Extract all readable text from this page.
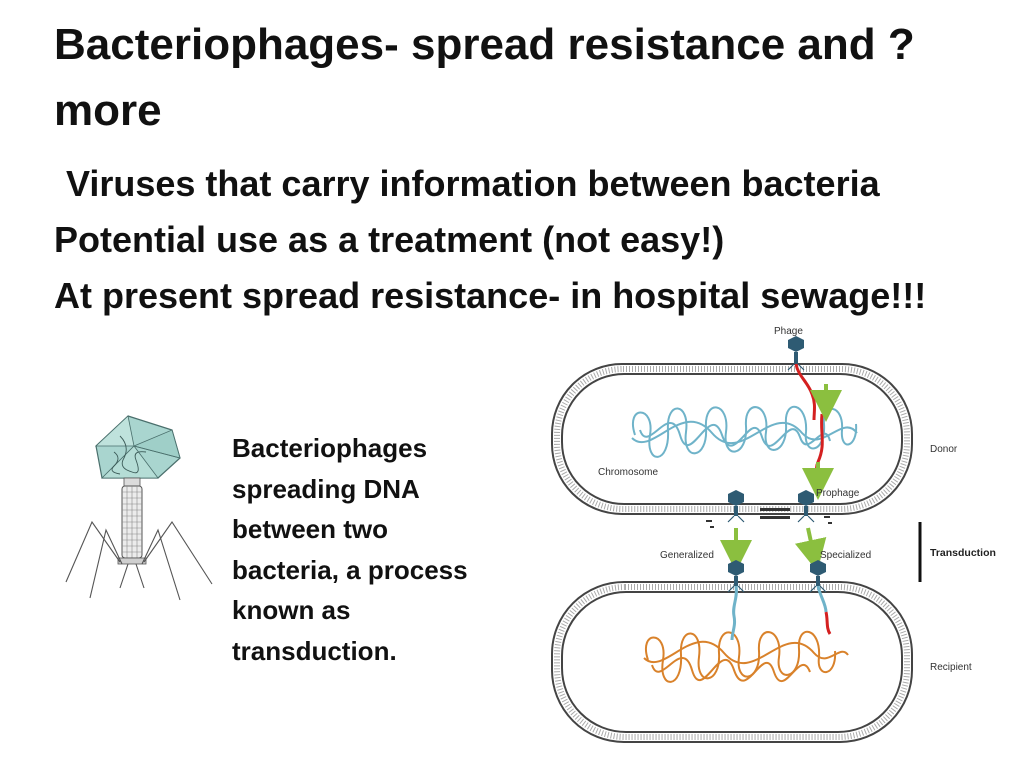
Bacteriophages- spread resistance and ? more

Viruses that carry information between bacteria

Potential use as a treatment (not easy!)

At present spread resistance- in hospital sewage!!!

Bacteriophages
spreading DNA
between two
bacteria, a process
known as
transduction.
Phage
Donor
Chromosome
Prophage
Generalized	Specialized	Transduction
Recipient
